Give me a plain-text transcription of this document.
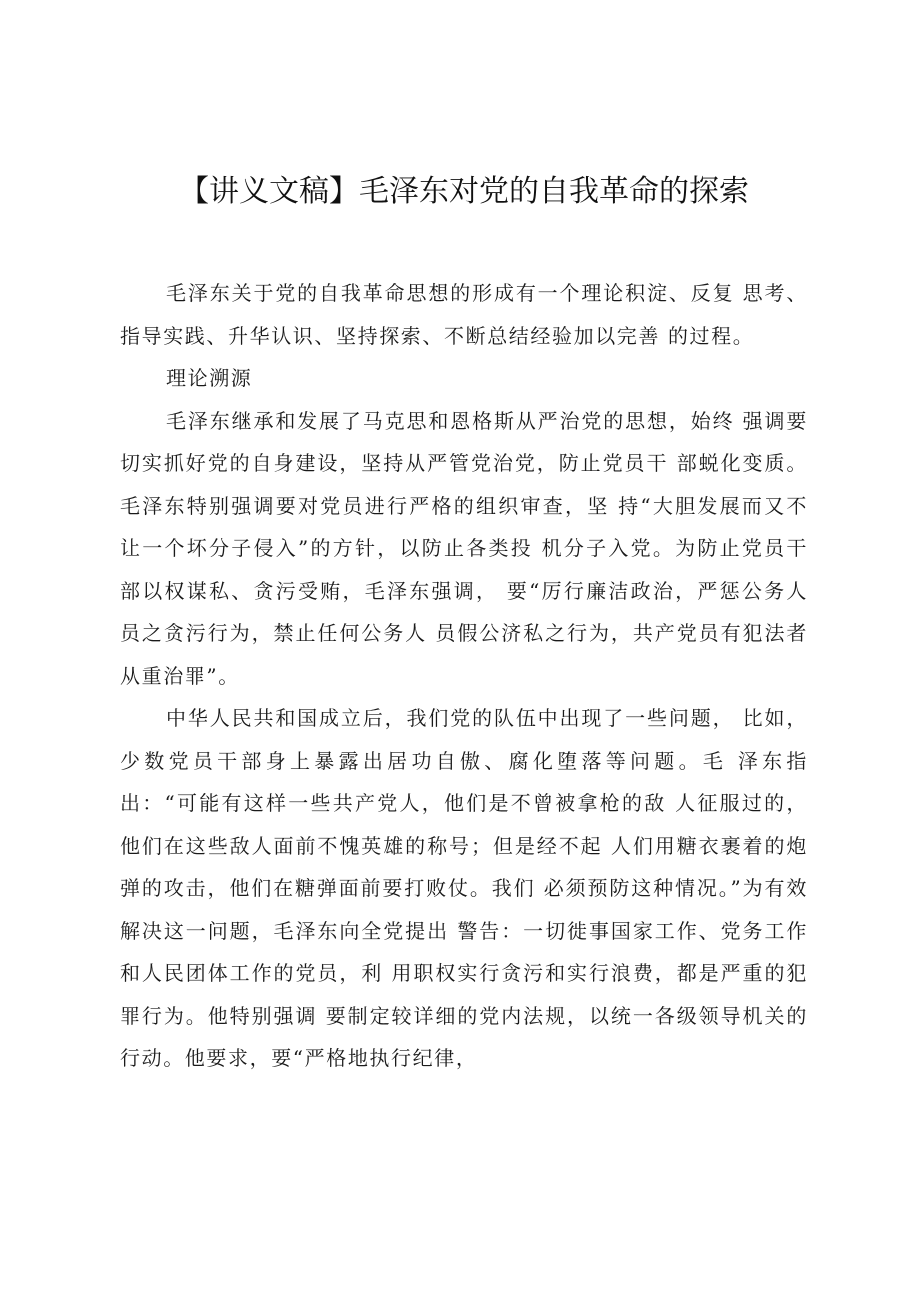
【讲义文稿】毛泽东对党的自我革命的探索

毛泽东关于党的自我革命思想的形成有一个理论积淀、反复 思考、指导实践、升华认识、坚持探索、不断总结经验加以完善 的过程。

理论溯源

毛泽东继承和发展了马克思和恩格斯从严治党的思想，始终 强调要切实抓好党的自身建设，坚持从严管党治党，防止党员干 部蜕化变质。毛泽东特别强调要对党员进行严格的组织审查，坚 持“大胆发展而又不让一个坏分子侵入”的方针，以防止各类投 机分子入党。为防止党员干部以权谋私、贪污受贿，毛泽东强调， 要“厉行廉洁政治，严惩公务人员之贪污行为，禁止任何公务人 员假公济私之行为，共产党员有犯法者从重治罪”。

中华人民共和国成立后，我们党的队伍中出现了一些问题， 比如，少数党员干部身上暴露出居功自傲、腐化堕落等问题。毛 泽东指出：“可能有这样一些共产党人，他们是不曾被拿枪的敌 人征服过的，他们在这些敌人面前不愧英雄的称号；但是经不起 人们用糖衣裹着的炮弹的攻击，他们在糖弹面前要打败仗。我们 必须预防这种情况。”为有效解决这一问题，毛泽东向全党提出 警告：一切徙事国家工作、党务工作和人民团体工作的党员，利 用职权实行贪污和实行浪费，都是严重的犯罪行为。他特别强调 要制定较详细的党内法规，以统一各级领导机关的行动。他要求，要“严格地执行纪律，
